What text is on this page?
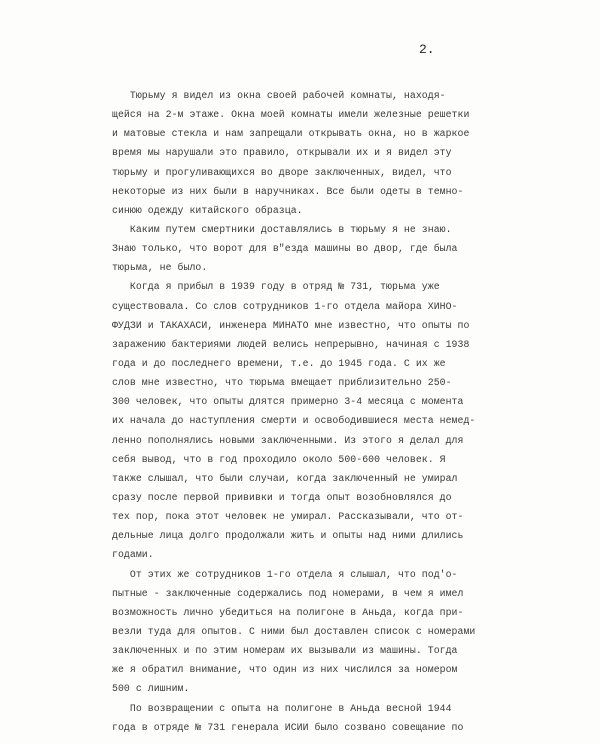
2.
Тюрьму я видел из окна своей рабочей комнаты, находя-
щейся на 2-м этаже. Окна моей комнаты имели железные решетки
и матовые стекла и нам запрещали открывать окна, но в жаркое
время мы нарушали это правило, открывали их и я видел эту
тюрьму и прогуливающихся во дворе заключенных, видел, что
некоторые из них были в наручниках. Все были одеты в темно-
синюю одежду китайского образца.
Каким путем смертники доставлялись в тюрьму я не знаю.
Знаю только, что ворот для в"езда машины во двор, где была
тюрьма, не было.
Когда я прибыл в 1939 году в отряд № 731, тюрьма уже
существовала. Со слов сотрудников 1-го отдела майора ХИНО-
ФУДЗИ и ТАКАХАСИ, инженера МИНАТО мне известно, что опыты по
заражению бактериями людей велись непрерывно, начиная с 1938
года и до последнего времени, т.е. до 1945 года. С их же
слов мне известно, что тюрьма вмещает приблизительно 250-
300 человек, что опыты длятся примерно 3-4 месяца с момента
их начала до наступления смерти и освободившиеся места немед-
ленно пополнялись новыми заключенными. Из этого я делал для
себя вывод, что в год проходило около 500-600 человек. Я
также слышал, что были случаи, когда заключенный не умирал
сразу после первой прививки и тогда опыт возобновлялся до
тех пор, пока этот человек не умирал. Рассказывали, что от-
дельные лица долго продолжали жить и опыты над ними длились
годами.
От этих же сотрудников 1-го отдела я слышал, что под'о-
пытные - заключенные содержались под номерами, в чем я имел
возможность лично убедиться на полигоне в Аньда, когда при-
везли туда для опытов. С ними был доставлен список с номерами
заключенных и по этим номерам их вызывали из машины. Тогда
же я обратил внимание, что один из них числился за номером
500 с лишним.
По возвращении с опыта на полигоне в Аньда весной 1944
года в отряде № 731 генерала ИСИИ было созвано совещание по
